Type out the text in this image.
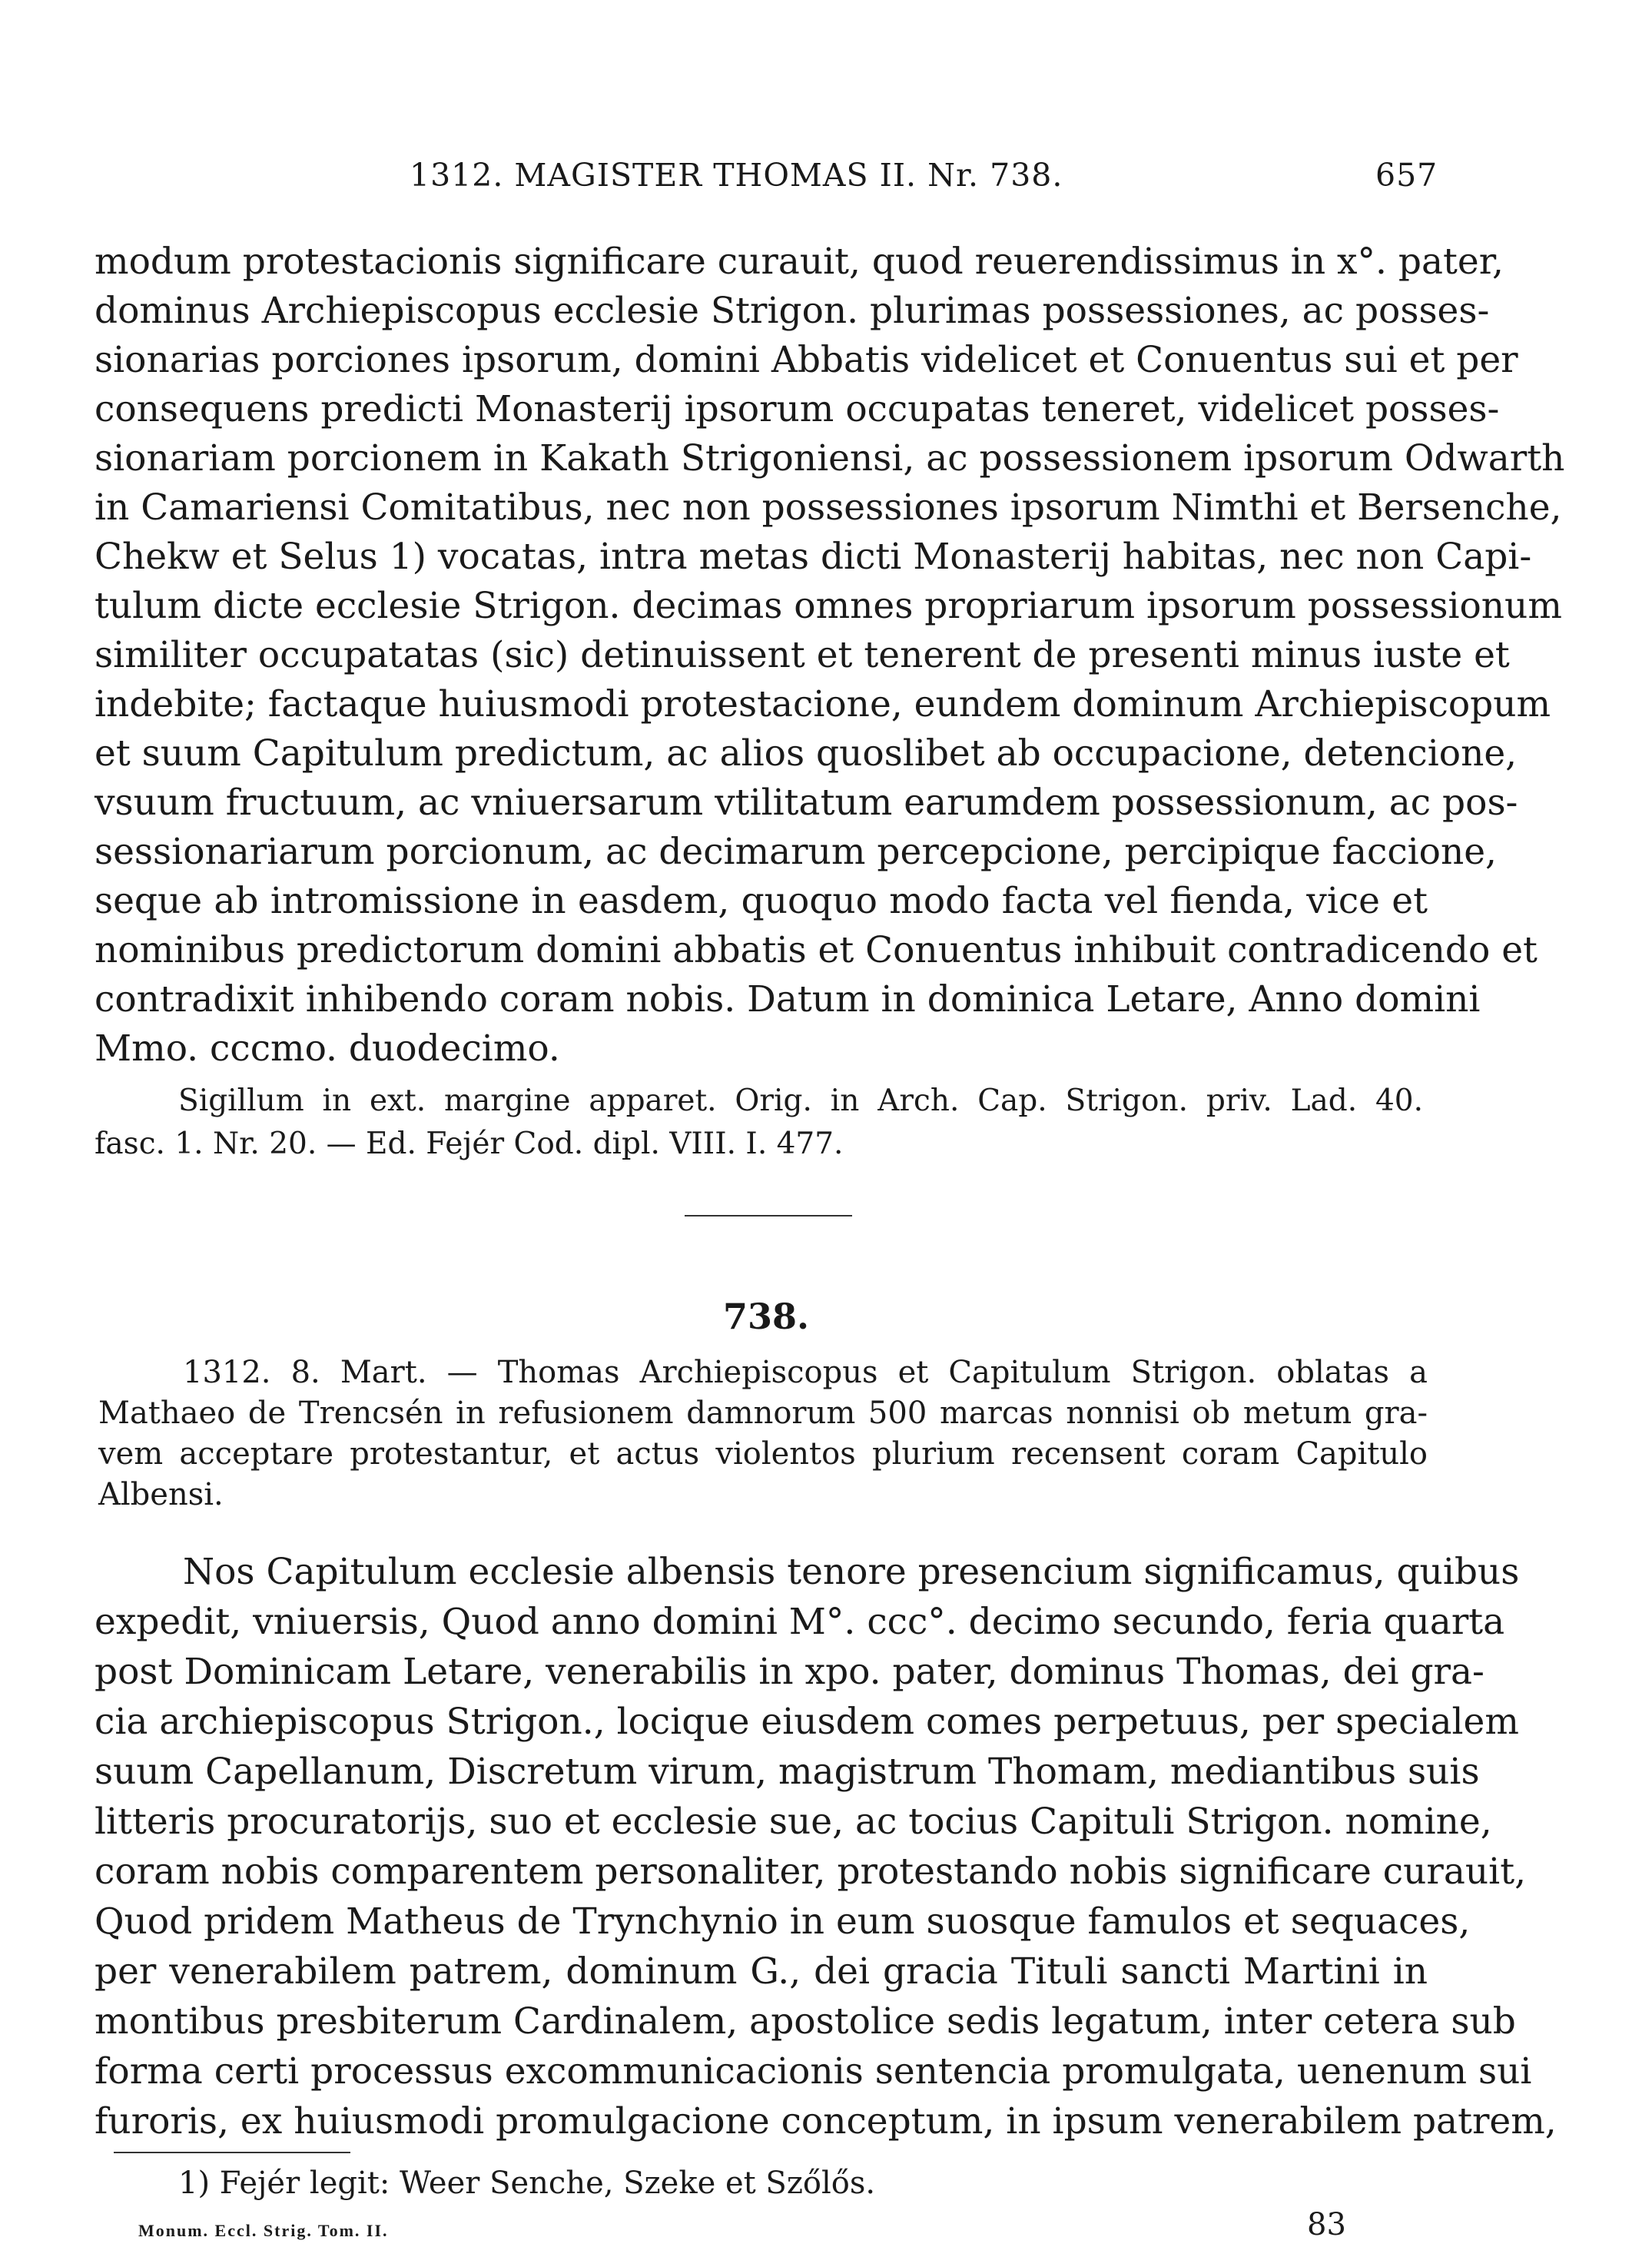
1312. MAGISTER THOMAS II. Nr. 738.	657
modum protestacionis significare curauit, quod reuerendissimus in x°. pater,
dominus Archiepiscopus ecclesie Strigon. plurimas possessiones, ac posses-
sionarias porciones ipsorum, domini Abbatis videlicet et Conuentus sui et per
consequens predicti Monasterij ipsorum occupatas teneret, videlicet posses-
sionariam porcionem in Kakath Strigoniensi, ac possessionem ipsorum Odwarth
in Camariensi Comitatibus, nec non possessiones ipsorum Nimthi et Bersenche,
Chekw et Selus 1) vocatas, intra metas dicti Monasterij habitas, nec non Capi-
tulum dicte ecclesie Strigon. decimas omnes propriarum ipsorum possessionum
similiter occupatatas (sic) detinuissent et tenerent de presenti minus iuste et
indebite; factaque huiusmodi protestacione, eundem dominum Archiepiscopum
et suum Capitulum predictum, ac alios quoslibet ab occupacione, detencione,
vsuum fructuum, ac vniuersarum vtilitatum earumdem possessionum, ac pos-
sessionariarum porcionum, ac decimarum percepcione, percipique faccione,
seque ab intromissione in easdem, quoquo modo facta vel fienda, vice et
nominibus predictorum domini abbatis et Conuentus inhibuit contradicendo et
contradixit inhibendo coram nobis. Datum in dominica Letare, Anno domini
Mmo. cccmo. duodecimo.
Sigillum in ext. margine apparet. Orig. in Arch. Cap. Strigon. priv. Lad. 40.
fasc. 1. Nr. 20. — Ed. Fejér Cod. dipl. VIII. I. 477.
738.
1312. 8. Mart. — Thomas Archiepiscopus et Capitulum Strigon. oblatas a
Mathaeo de Trencsén in refusionem damnorum 500 marcas nonnisi ob metum gra-
vem acceptare protestantur, et actus violentos plurium recensent coram Capitulo
Albensi.
Nos Capitulum ecclesie albensis tenore presencium significamus, quibus
expedit, vniuersis, Quod anno domini M°. ccc°. decimo secundo, feria quarta
post Dominicam Letare, venerabilis in xpo. pater, dominus Thomas, dei gra-
cia archiepiscopus Strigon., locique eiusdem comes perpetuus, per specialem
suum Capellanum, Discretum virum, magistrum Thomam, mediantibus suis
litteris procuratorijs, suo et ecclesie sue, ac tocius Capituli Strigon. nomine,
coram nobis comparentem personaliter, protestando nobis significare curauit,
Quod pridem Matheus de Trynchynio in eum suosque famulos et sequaces,
per venerabilem patrem, dominum G., dei gracia Tituli sancti Martini in
montibus presbiterum Cardinalem, apostolice sedis legatum, inter cetera sub
forma certi processus excommunicacionis sentencia promulgata, uenenum sui
furoris, ex huiusmodi promulgacione conceptum, in ipsum venerabilem patrem,
1) Fejér legit: Weer Senche, Szeke et Szőlős.
Monum. Eccl. Strig. Tom. II.	83
